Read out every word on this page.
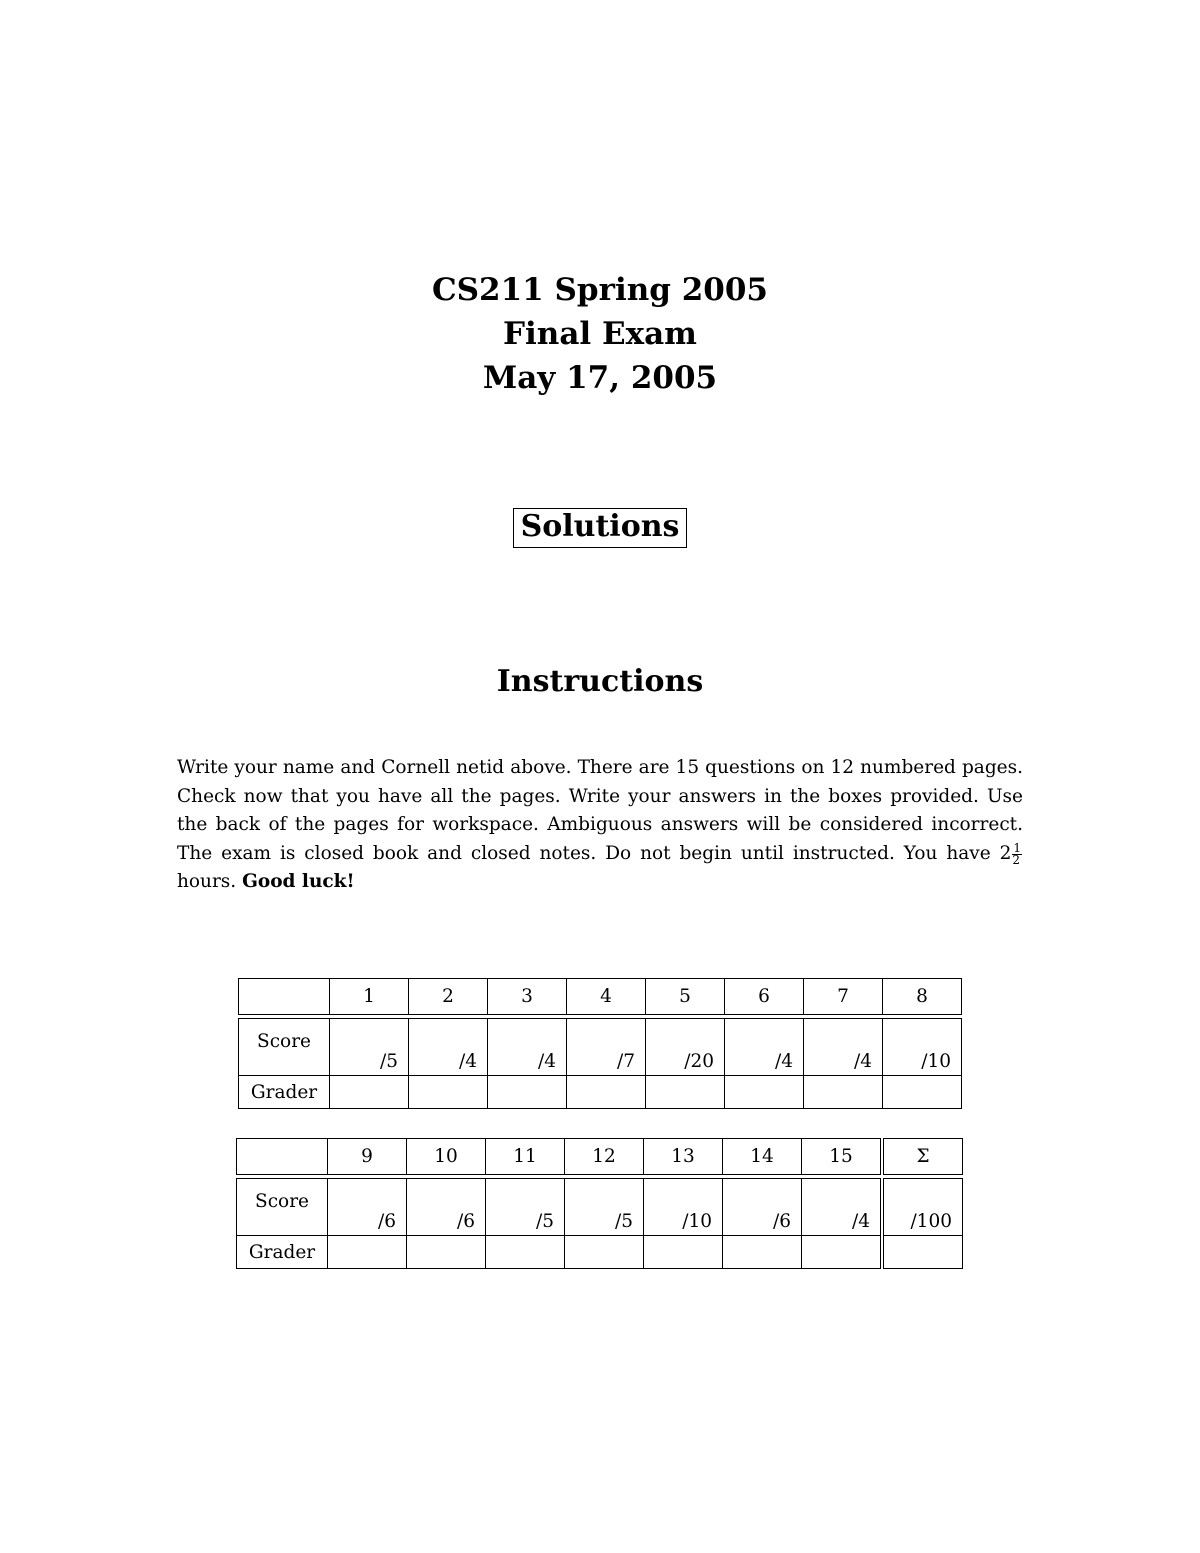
CS211 Spring 2005
Final Exam
May 17, 2005
Solutions
Instructions
Write your name and Cornell netid above. There are 15 questions on 12 numbered pages. Check now that you have all the pages. Write your answers in the boxes provided. Use the back of the pages for workspace. Ambiguous answers will be considered incorrect. The exam is closed book and closed notes. Do not begin until instructed. You have $2 \frac{1}{2}$
hours. Good luck!
	1	2	3	4	5	6	7	8

Score	/5	/4	/4	/7	/20	/4	/4	/10

Grader								
	9	10	11	12	13	14	15	Σ

Score	/6	/6	/5	/5	/10	/6	/4	/100

Grader								
